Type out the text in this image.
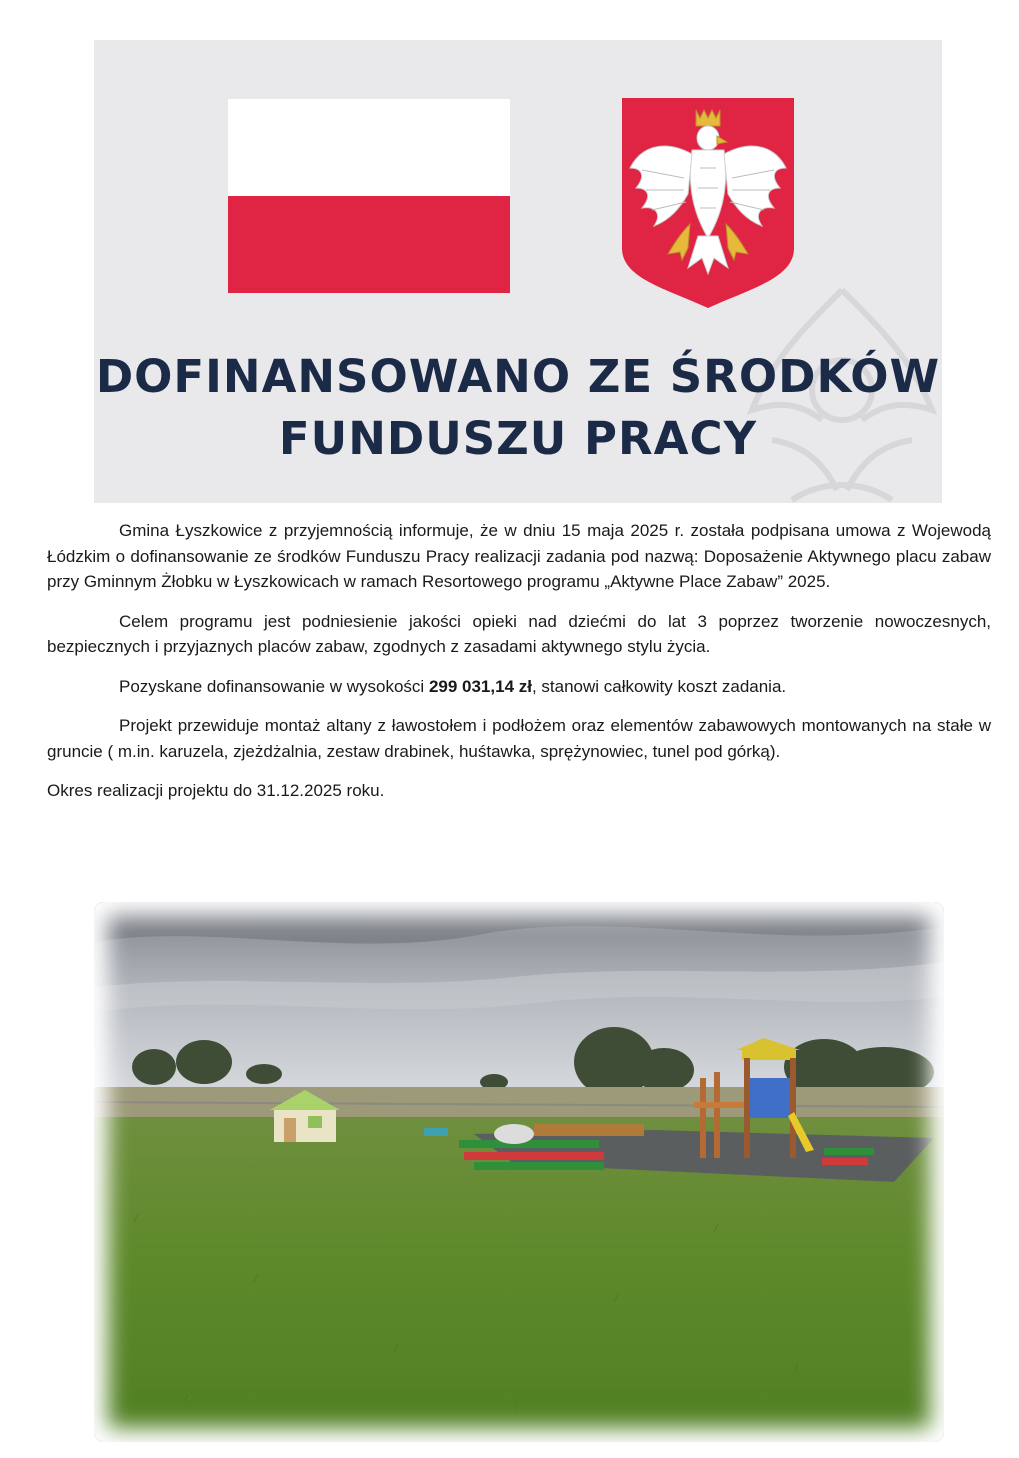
DOFINANSOWANO ZE ŚRODKÓW
FUNDUSZU PRACY

Gmina Łyszkowice z przyjemnością informuje, że w dniu 15 maja 2025 r. została podpisana umowa z Wojewodą Łódzkim o dofinansowanie ze środków Funduszu Pracy realizacji zadania pod nazwą: Doposażenie Aktywnego placu zabaw przy Gminnym Żłobku w Łyszkowicach w ramach Resortowego programu „Aktywne Place Zabaw” 2025.

Celem programu jest podniesienie jakości opieki nad dziećmi do lat 3 poprzez tworzenie nowoczesnych, bezpiecznych i przyjaznych placów zabaw, zgodnych z zasadami aktywnego stylu życia.

Pozyskane dofinansowanie w wysokości 299 031,14 zł, stanowi całkowity koszt zadania.

Projekt przewiduje montaż altany z ławostołem i podłożem oraz elementów zabawowych montowanych na stałe w gruncie ( m.in. karuzela, zjeżdżalnia, zestaw drabinek, huśtawka, sprężynowiec, tunel pod górką).

Okres realizacji projektu do 31.12.2025 roku.
